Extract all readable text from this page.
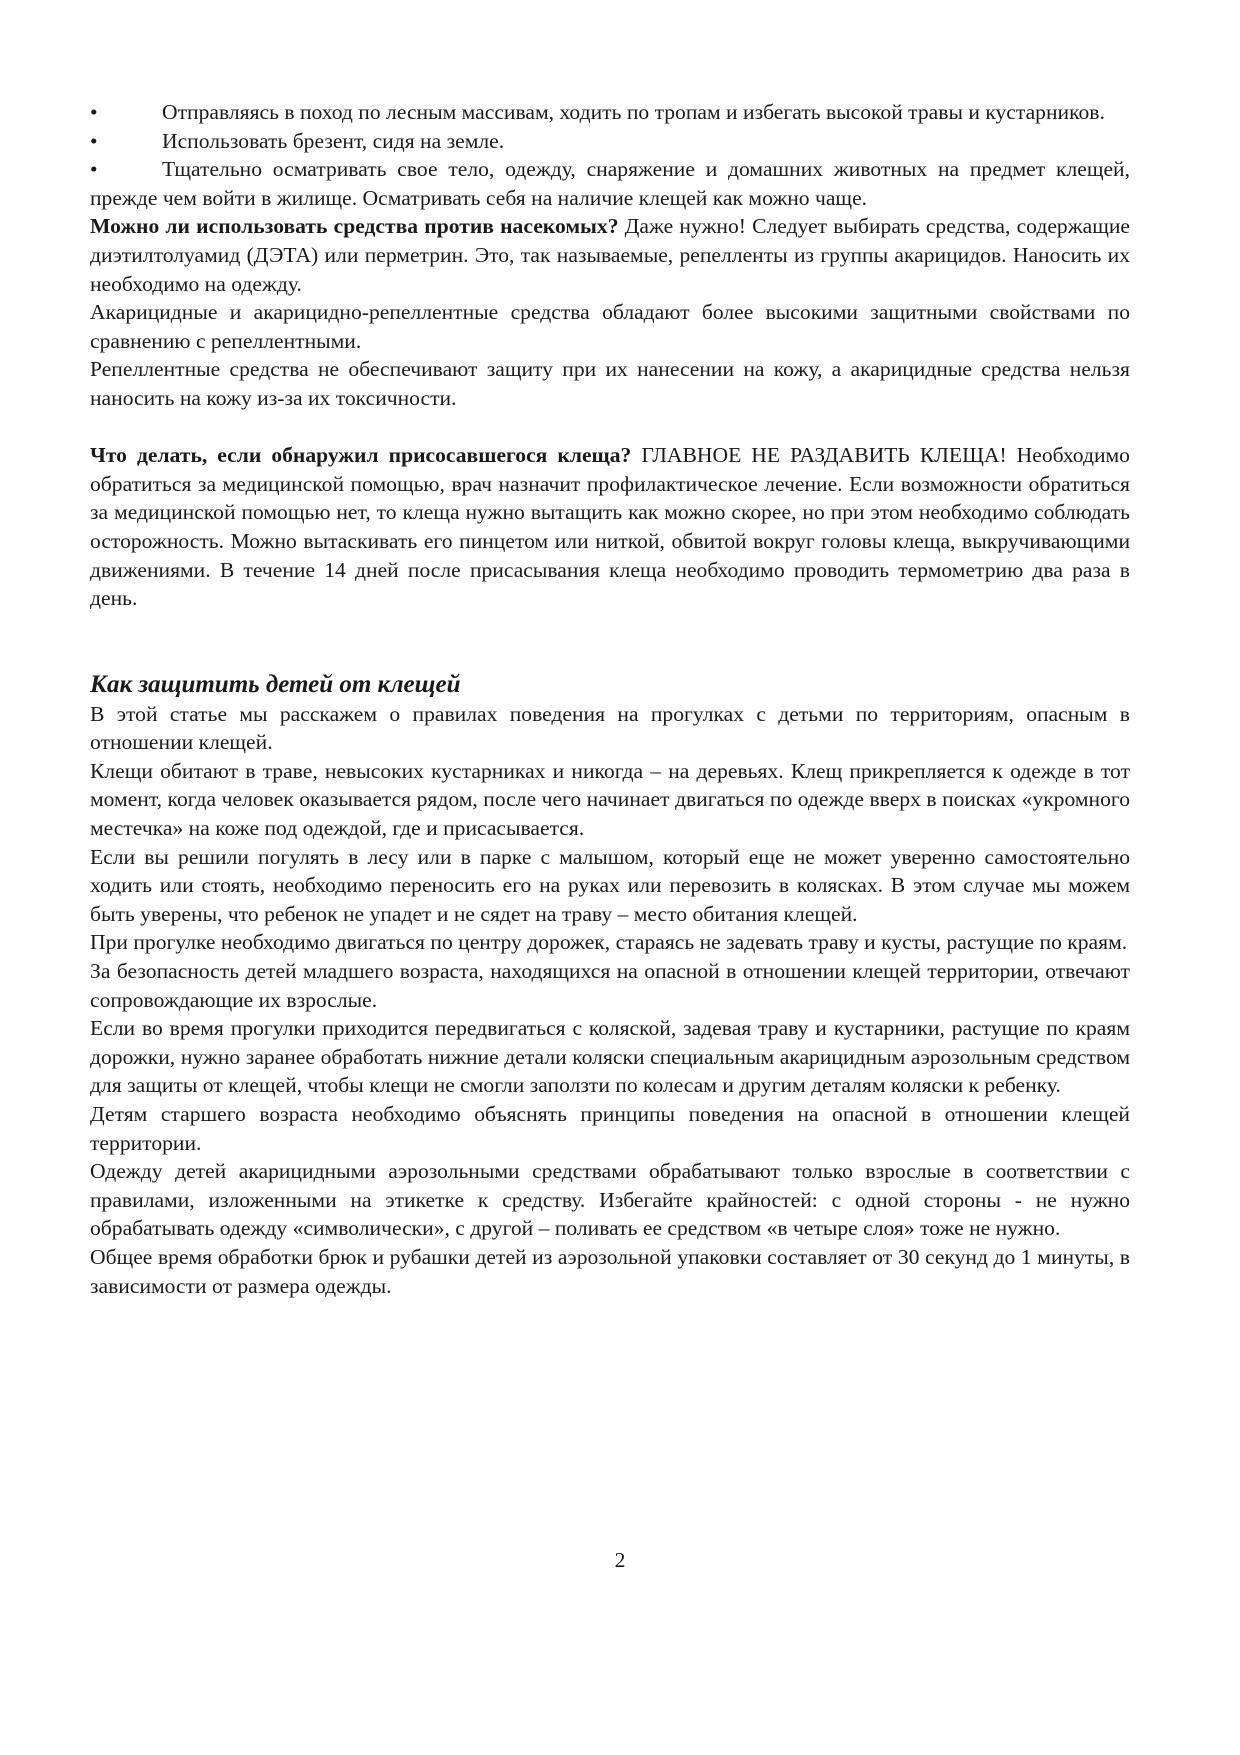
•	Отправляясь в поход по лесным массивам, ходить по тропам и избегать высокой травы и кустарников.

•	Использовать брезент, сидя на земле.

•	Тщательно осматривать свое тело, одежду, снаряжение и домашних животных на предмет клещей, прежде чем войти в жилище. Осматривать себя на наличие клещей как можно чаще.

Можно ли использовать средства против насекомых? Даже нужно! Следует выбирать средства, содержащие диэтилтолуамид (ДЭТА) или перметрин. Это, так называемые, репелленты из группы акарицидов. Наносить их необходимо на одежду.

Акарицидные и акарицидно-репеллентные средства обладают более высокими защитными свойствами по сравнению с репеллентными.

Репеллентные средства не обеспечивают защиту при их нанесении на кожу, а акарицидные средства нельзя наносить на кожу из-за их токсичности.

Что делать, если обнаружил присосавшегося клеща? ГЛАВНОЕ НЕ РАЗДАВИТЬ КЛЕЩА! Необходимо обратиться за медицинской помощью, врач назначит профилактическое лечение. Если возможности обратиться за медицинской помощью нет, то клеща нужно вытащить как можно скорее, но при этом необходимо соблюдать осторожность. Можно вытаскивать его пинцетом или ниткой, обвитой вокруг головы клеща, выкручивающими движениями. В течение 14 дней после присасывания клеща необходимо проводить термометрию два раза в день.

Как защитить детей от клещей

В этой статье мы расскажем о правилах поведения на прогулках с детьми по территориям, опасным в отношении клещей.

Клещи обитают в траве, невысоких кустарниках и никогда – на деревьях. Клещ прикрепляется к одежде в тот момент, когда человек оказывается рядом, после чего начинает двигаться по одежде вверх в поисках «укромного местечка» на коже под одеждой, где и присасывается.

Если вы решили погулять в лесу или в парке с малышом, который еще не может уверенно самостоятельно ходить или стоять, необходимо переносить его на руках или перевозить в колясках. В этом случае мы можем быть уверены, что ребенок не упадет и не сядет на траву – место обитания клещей.

При прогулке необходимо двигаться по центру дорожек, стараясь не задевать траву и кусты, растущие по краям.

За безопасность детей младшего возраста, находящихся на опасной в отношении клещей территории, отвечают сопровождающие их взрослые.

Если во время прогулки приходится передвигаться с коляской, задевая траву и кустарники, растущие по краям дорожки, нужно заранее обработать нижние детали коляски специальным акарицидным аэрозольным средством для защиты от клещей, чтобы клещи не смогли заползти по колесам и другим деталям коляски к ребенку.

Детям старшего возраста необходимо объяснять принципы поведения на опасной в отношении клещей территории.

Одежду детей акарицидными аэрозольными средствами обрабатывают только взрослые в соответствии с правилами, изложенными на этикетке к средству. Избегайте крайностей: с одной стороны - не нужно обрабатывать одежду «символически», с другой – поливать ее средством «в четыре слоя» тоже не нужно.

Общее время обработки брюк и рубашки детей из аэрозольной упаковки составляет от 30 секунд до 1 минуты, в зависимости от размера одежды.

2
